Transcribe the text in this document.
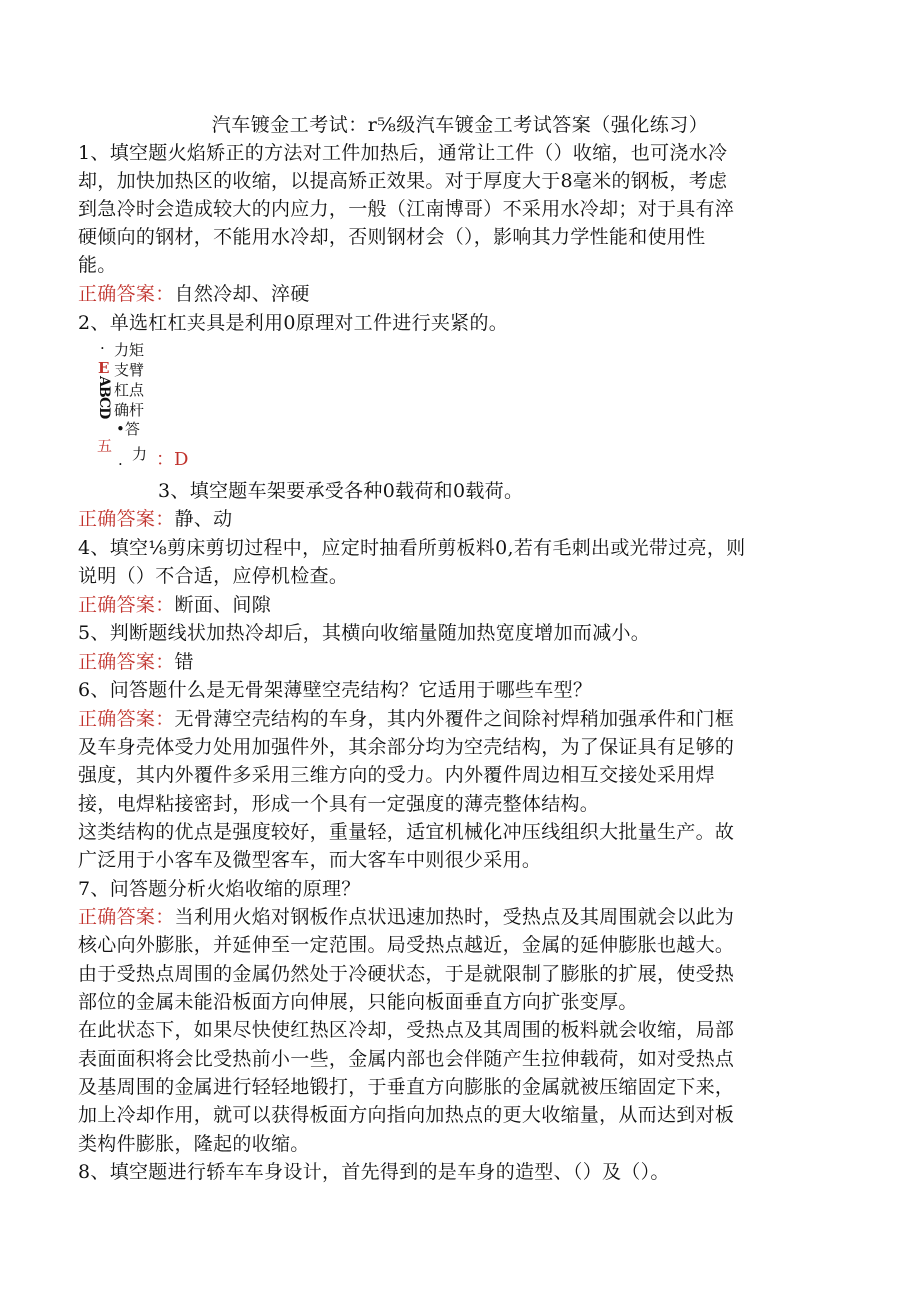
汽车镀金工考试：r⅝级汽车镀金工考试答案（强化练习）
1、填空题火焰矫正的方法对工件加热后，通常让工件（）收缩，也可浇水冷
却，加快加热区的收缩，以提高矫正效果。对于厚度大于8毫米的钢板，考虑
到急冷时会造成较大的内应力，一般（江南博哥）不采用水冷却；对于具有淬
硬倾向的钢材，不能用水冷却，否则钢材会（），影响其力学性能和使用性
能。
正确答案：自然冷却、淬硬
2、单选杠杠夹具是利用0原理对工件进行夹紧的。
·
E
ABCD
五
·
力矩
支臂
杠点
确杆
•答
力 ：D
3、填空题车架要承受各种0载荷和0载荷。
正确答案：静、动
4、填空⅛剪床剪切过程中，应定时抽看所剪板料0,若有毛刺出或光带过亮，则
说明（）不合适，应停机检查。
正确答案：断面、间隙
5、判断题线状加热冷却后，其横向收缩量随加热宽度增加而减小。
正确答案：错
6、问答题什么是无骨架薄壁空壳结构？它适用于哪些车型？
正确答案：无骨薄空壳结构的车身，其内外覆件之间除衬焊稍加强承件和门框
及车身壳体受力处用加强件外，其余部分均为空壳结构，为了保证具有足够的
强度，其内外覆件多采用三维方向的受力。内外覆件周边相互交接处采用焊
接，电焊粘接密封，形成一个具有一定强度的薄壳整体结构。
这类结构的优点是强度较好，重量轻，适宜机械化冲压线组织大批量生产。故
广泛用于小客车及微型客车，而大客车中则很少采用。
7、问答题分析火焰收缩的原理？
正确答案：当利用火焰对钢板作点状迅速加热时，受热点及其周围就会以此为
核心向外膨胀，并延伸至一定范围。局受热点越近，金属的延伸膨胀也越大。
由于受热点周围的金属仍然处于冷硬状态，于是就限制了膨胀的扩展，使受热
部位的金属未能沿板面方向伸展，只能向板面垂直方向扩张变厚。
在此状态下，如果尽快使红热区冷却，受热点及其周围的板料就会收缩，局部
表面面积将会比受热前小一些，金属内部也会伴随产生拉伸载荷，如对受热点
及基周围的金属进行轻轻地锻打，于垂直方向膨胀的金属就被压缩固定下来，
加上冷却作用，就可以获得板面方向指向加热点的更大收缩量，从而达到对板
类构件膨胀，隆起的收缩。
8、填空题进行轿车车身设计，首先得到的是车身的造型、（）及（）。
